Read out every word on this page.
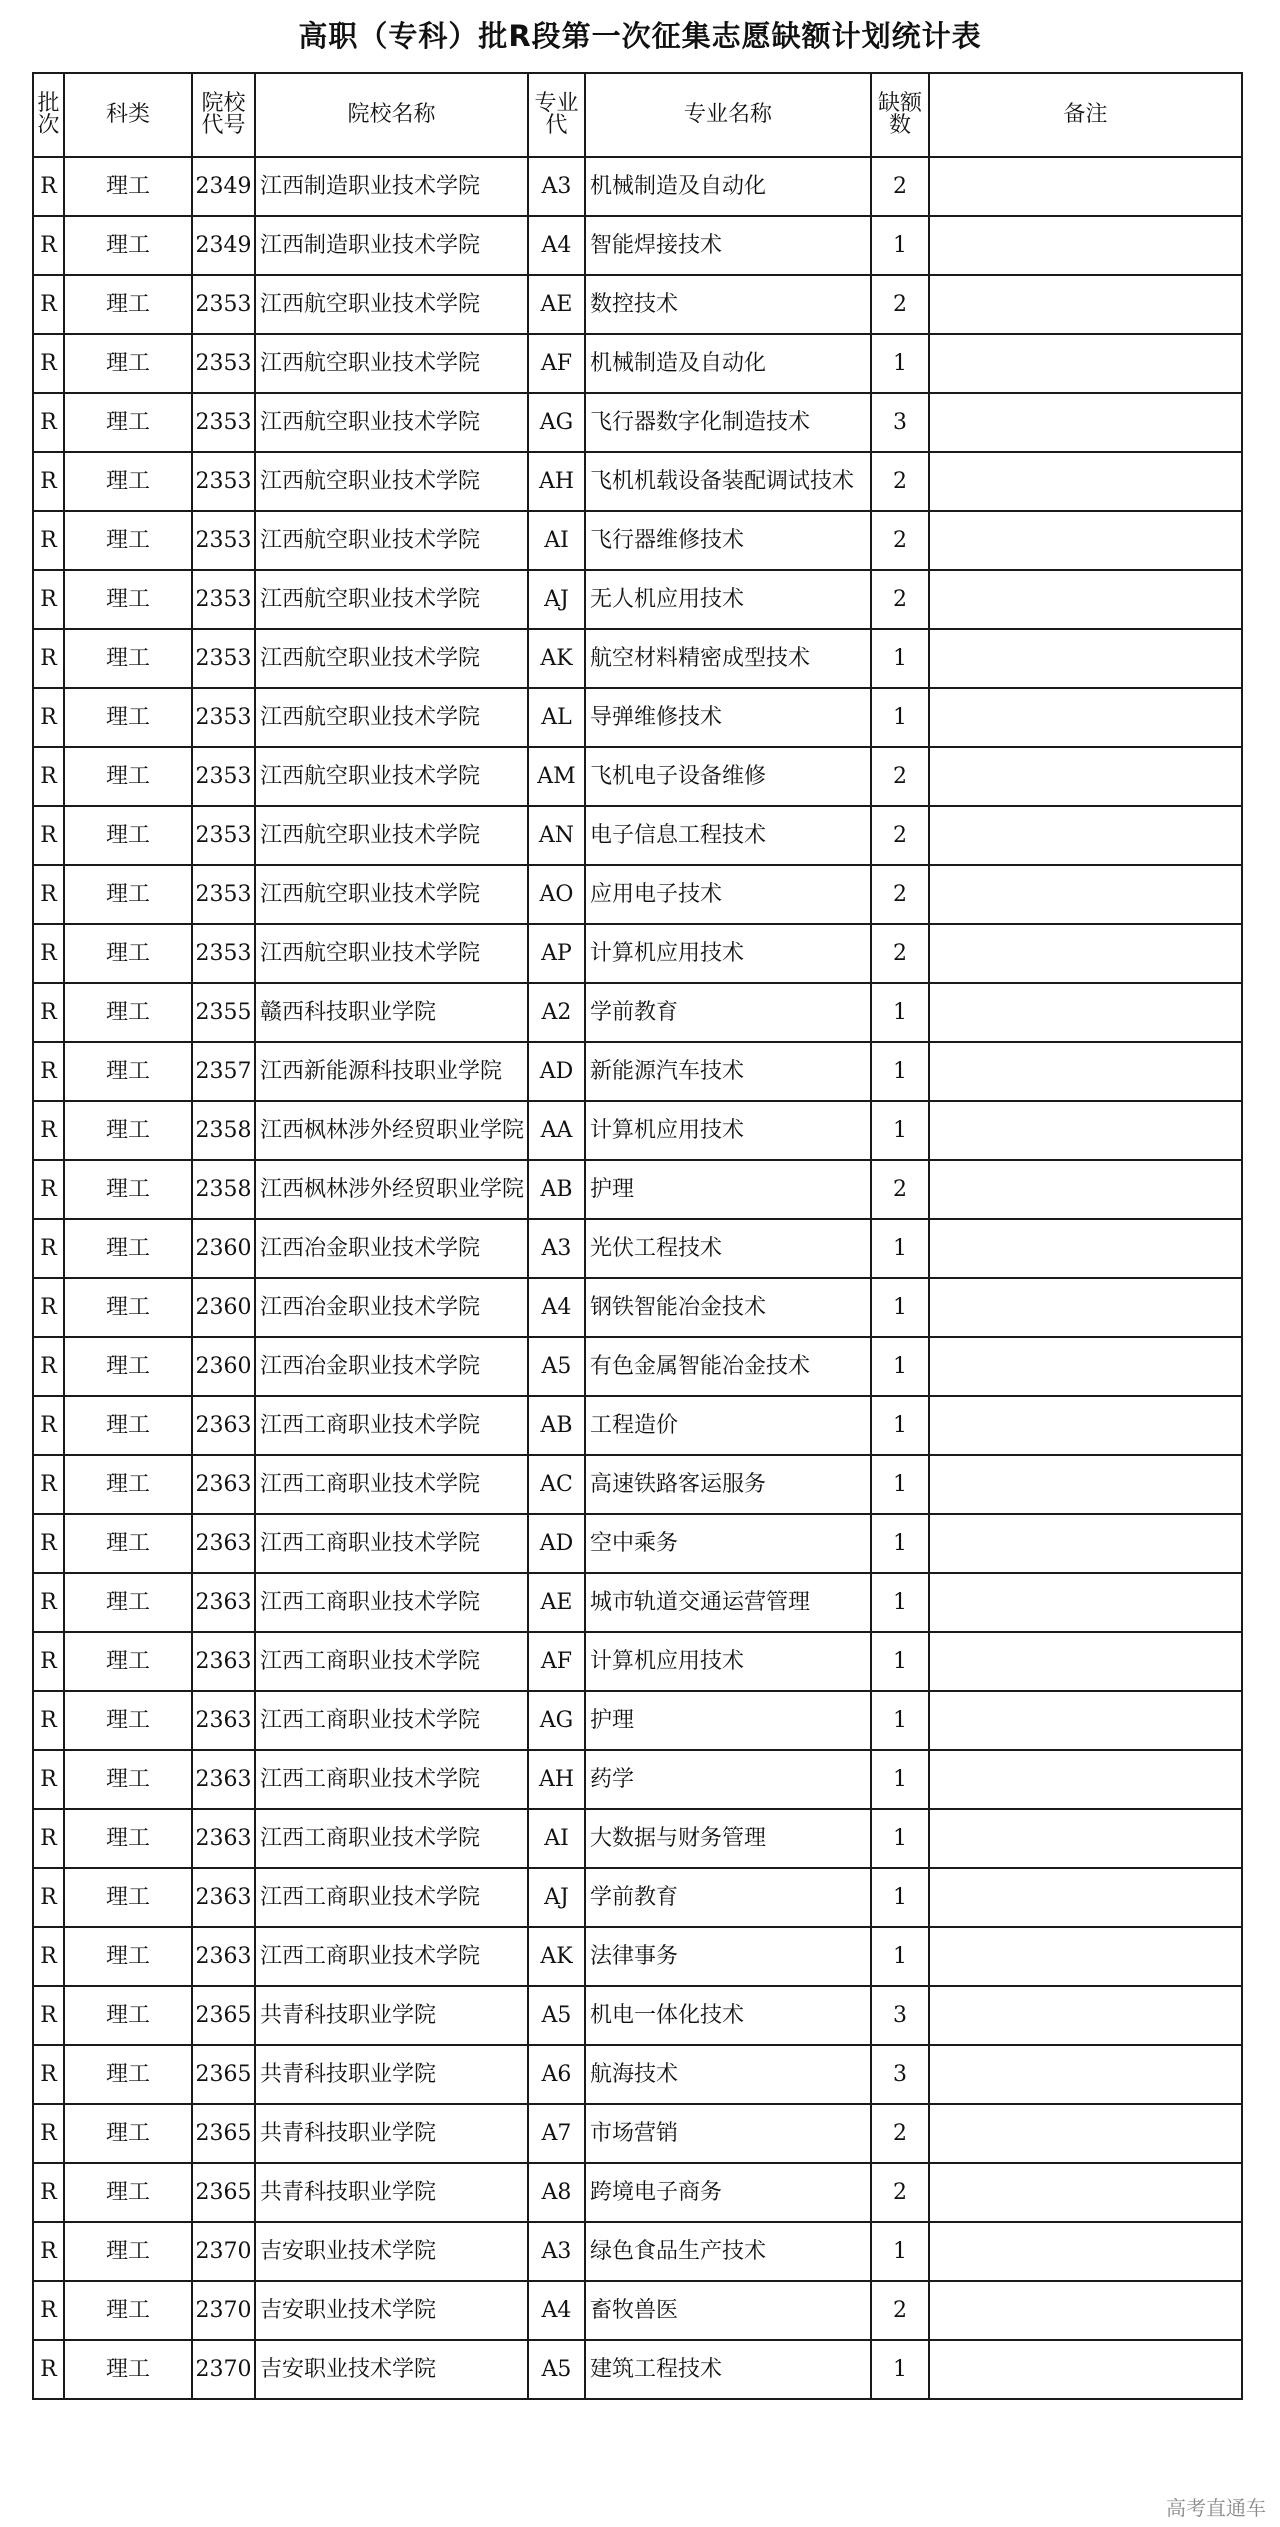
高职（专科）批R段第一次征集志愿缺额计划统计表
批次	科类	院校代号	院校名称	专业代	专业名称	缺额数	备注
R	理工	2349	江西制造职业技术学院	A3	机械制造及自动化	2	
R	理工	2349	江西制造职业技术学院	A4	智能焊接技术	1	
R	理工	2353	江西航空职业技术学院	AE	数控技术	2	
R	理工	2353	江西航空职业技术学院	AF	机械制造及自动化	1	
R	理工	2353	江西航空职业技术学院	AG	飞行器数字化制造技术	3	
R	理工	2353	江西航空职业技术学院	AH	飞机机载设备装配调试技术	2	
R	理工	2353	江西航空职业技术学院	AI	飞行器维修技术	2	
R	理工	2353	江西航空职业技术学院	AJ	无人机应用技术	2	
R	理工	2353	江西航空职业技术学院	AK	航空材料精密成型技术	1	
R	理工	2353	江西航空职业技术学院	AL	导弹维修技术	1	
R	理工	2353	江西航空职业技术学院	AM	飞机电子设备维修	2	
R	理工	2353	江西航空职业技术学院	AN	电子信息工程技术	2	
R	理工	2353	江西航空职业技术学院	AO	应用电子技术	2	
R	理工	2353	江西航空职业技术学院	AP	计算机应用技术	2	
R	理工	2355	赣西科技职业学院	A2	学前教育	1	
R	理工	2357	江西新能源科技职业学院	AD	新能源汽车技术	1	
R	理工	2358	江西枫林涉外经贸职业学院	AA	计算机应用技术	1	
R	理工	2358	江西枫林涉外经贸职业学院	AB	护理	2	
R	理工	2360	江西冶金职业技术学院	A3	光伏工程技术	1	
R	理工	2360	江西冶金职业技术学院	A4	钢铁智能冶金技术	1	
R	理工	2360	江西冶金职业技术学院	A5	有色金属智能冶金技术	1	
R	理工	2363	江西工商职业技术学院	AB	工程造价	1	
R	理工	2363	江西工商职业技术学院	AC	高速铁路客运服务	1	
R	理工	2363	江西工商职业技术学院	AD	空中乘务	1	
R	理工	2363	江西工商职业技术学院	AE	城市轨道交通运营管理	1	
R	理工	2363	江西工商职业技术学院	AF	计算机应用技术	1	
R	理工	2363	江西工商职业技术学院	AG	护理	1	
R	理工	2363	江西工商职业技术学院	AH	药学	1	
R	理工	2363	江西工商职业技术学院	AI	大数据与财务管理	1	
R	理工	2363	江西工商职业技术学院	AJ	学前教育	1	
R	理工	2363	江西工商职业技术学院	AK	法律事务	1	
R	理工	2365	共青科技职业学院	A5	机电一体化技术	3	
R	理工	2365	共青科技职业学院	A6	航海技术	3	
R	理工	2365	共青科技职业学院	A7	市场营销	2	
R	理工	2365	共青科技职业学院	A8	跨境电子商务	2	
R	理工	2370	吉安职业技术学院	A3	绿色食品生产技术	1	
R	理工	2370	吉安职业技术学院	A4	畜牧兽医	2	
R	理工	2370	吉安职业技术学院	A5	建筑工程技术	1	
高考直通车
